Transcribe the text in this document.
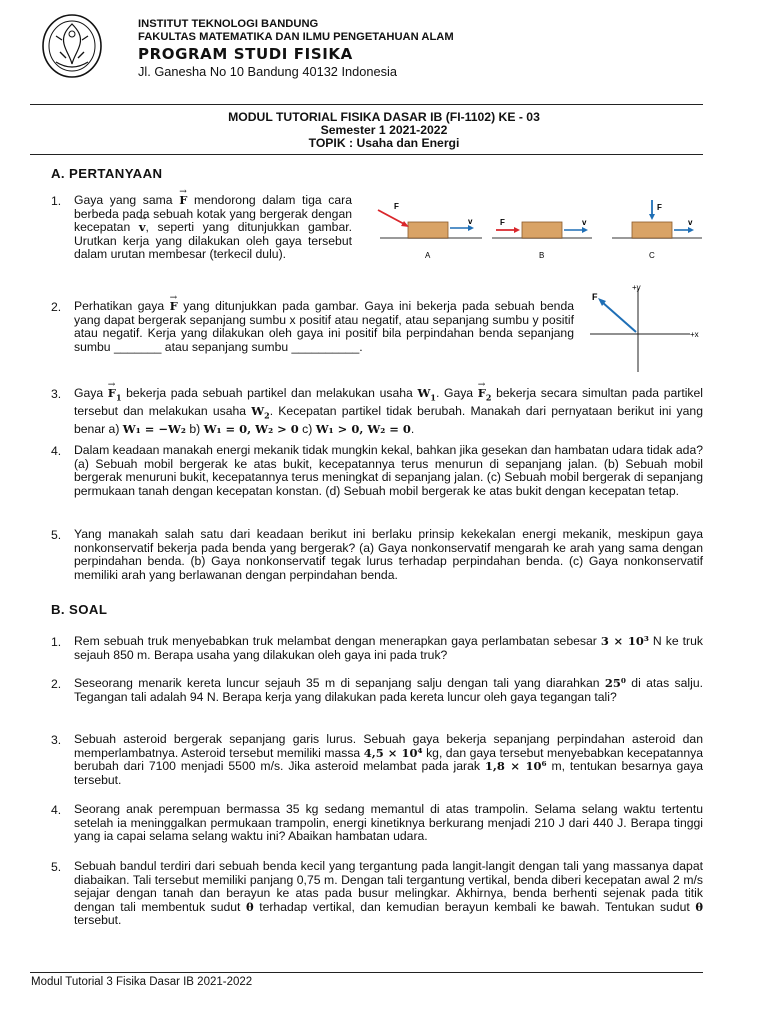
INSTITUT TEKNOLOGI BANDUNG
FAKULTAS MATEMATIKA DAN ILMU PENGETAHUAN ALAM
PROGRAM STUDI FISIKA
Jl. Ganesha No 10 Bandung 40132 Indonesia
MODUL TUTORIAL FISIKA DASAR IB (FI-1102) KE - 03
Semester 1 2021-2022
TOPIK : Usaha dan Energi
A. PERTANYAAN
1. Gaya yang sama → F mendorong dalam tiga cara berbeda pada sebuah kotak yang bergerak dengan kecepatan → v, seperti yang ditunjukkan gambar. Urutkan kerja yang dilakukan oleh gaya tersebut dalam urutan membesar (terkecil dulu).
F
v
A
F	v
B
F
v
C
2. Perhatikan gaya → F yang ditunjukkan pada gambar. Gaya ini bekerja pada sebuah benda yang dapat bergerak sepanjang sumbu x positif atau negatif, atau sepanjang sumbu y positif atau negatif. Kerja yang dilakukan oleh gaya ini positif bila perpindahan benda sepanjang sumbu _______ atau sepanjang sumbu __________.
F
+y
+x
3. Gaya → $F_1$ bekerja pada sebuah partikel dan melakukan usaha $W_1$. Gaya → $F_2$ bekerja secara simultan pada partikel tersebut dan melakukan usaha $W_2$. Kecepatan partikel tidak berubah. Manakah dari pernyataan berikut ini yang benar a) W₁ = −W₂ b) W₁ = 0, W₂ > 0 c) W₁ > 0, W₂ = 0.
4. Dalam keadaan manakah energi mekanik tidak mungkin kekal, bahkan jika gesekan dan hambatan udara tidak ada? (a) Sebuah mobil bergerak ke atas bukit, kecepatannya terus menurun di sepanjang jalan. (b) Sebuah mobil bergerak menuruni bukit, kecepatannya terus meningkat di sepanjang jalan. (c) Sebuah mobil bergerak di sepanjang permukaan tanah dengan kecepatan konstan. (d) Sebuah mobil bergerak ke atas bukit dengan kecepatan tetap.
5. Yang manakah salah satu dari keadaan berikut ini berlaku prinsip kekekalan energi mekanik, meskipun gaya nonkonservatif bekerja pada benda yang bergerak? (a) Gaya nonkonservatif mengarah ke arah yang sama dengan perpindahan benda. (b) Gaya nonkonservatif tegak lurus terhadap perpindahan benda. (c) Gaya nonkonservatif memiliki arah yang berlawanan dengan perpindahan benda.
B. SOAL
1. Rem sebuah truk menyebabkan truk melambat dengan menerapkan gaya perlambatan sebesar 3 × 10³ N ke truk sejauh 850 m. Berapa usaha yang dilakukan oleh gaya ini pada truk?
2. Seseorang menarik kereta luncur sejauh 35 m di sepanjang salju dengan tali yang diarahkan 25⁰ di atas salju. Tegangan tali adalah 94 N. Berapa kerja yang dilakukan pada kereta luncur oleh gaya tegangan tali?
3. Sebuah asteroid bergerak sepanjang garis lurus. Sebuah gaya bekerja sepanjang perpindahan asteroid dan memperlambatnya. Asteroid tersebut memiliki massa 4,5 × 10⁴ kg, dan gaya tersebut menyebabkan kecepatannya berubah dari 7100 menjadi 5500 m/s. Jika asteroid melambat pada jarak 1,8 × 10⁶ m, tentukan besarnya gaya tersebut.
4. Seorang anak perempuan bermassa 35 kg sedang memantul di atas trampolin. Selama selang waktu tertentu setelah ia meninggalkan permukaan trampolin, energi kinetiknya berkurang menjadi 210 J dari 440 J. Berapa tinggi yang ia capai selama selang waktu ini? Abaikan hambatan udara.
5. Sebuah bandul terdiri dari sebuah benda kecil yang tergantung pada langit-langit dengan tali yang massanya dapat diabaikan. Tali tersebut memiliki panjang 0,75 m. Dengan tali tergantung vertikal, benda diberi kecepatan awal 2 m/s sejajar dengan tanah dan berayun ke atas pada busur melingkar. Akhirnya, benda berhenti sejenak pada titik dengan tali membentuk sudut θ terhadap vertikal, dan kemudian berayun kembali ke bawah. Tentukan sudut θ tersebut.
Modul Tutorial 3 Fisika Dasar IB 2021-2022
